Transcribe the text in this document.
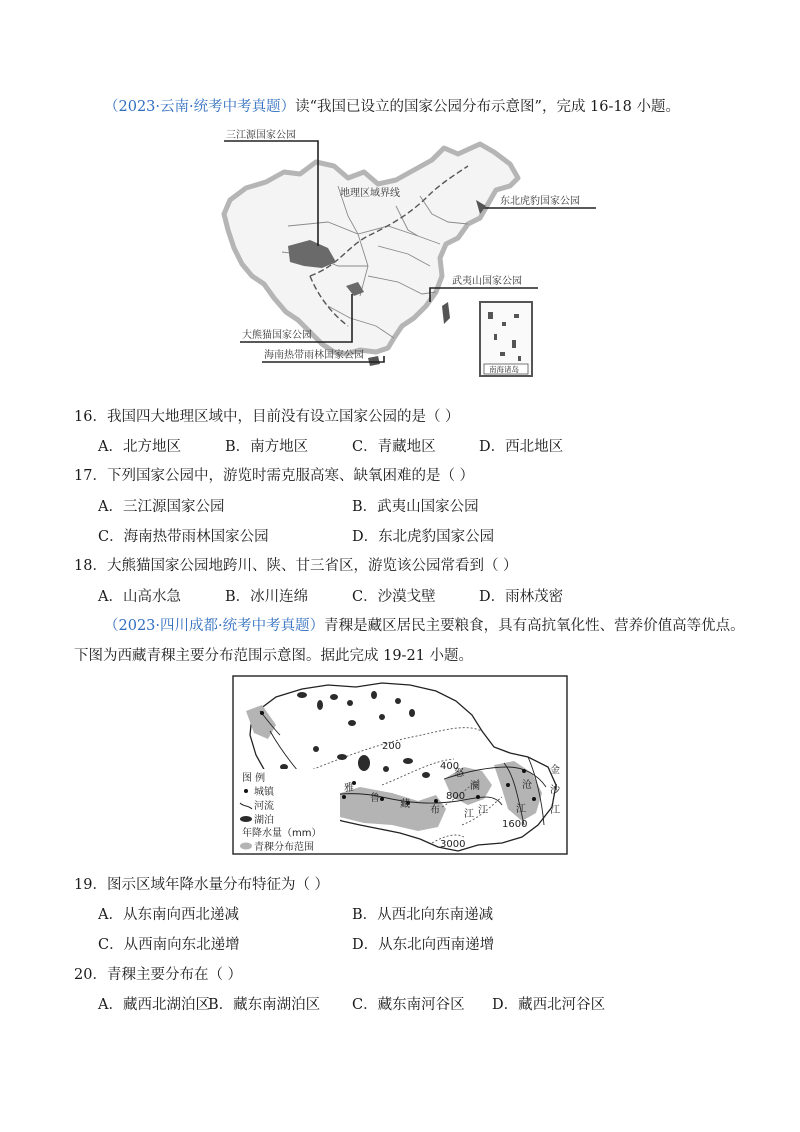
（2023·云南·统考中考真题）读“我国已设立的国家公园分布示意图”，完成 16-18 小题。
三江源国家公园
地理区域界线
东北虎豹国家公园
武夷山国家公园
大熊猫国家公园
海南热带雨林国家公园
南海诸岛
16．我国四大地理区域中，目前没有设立国家公园的是（ ）
A．北方地区	B．南方地区	C．青藏地区	D．西北地区
17．下列国家公园中，游览时需克服高寒、缺氧困难的是（ ）
A．三江源国家公园	B．武夷山国家公园
C．海南热带雨林国家公园	D．东北虎豹国家公园
18．大熊猫国家公园地跨川、陕、甘三省区，游览该公园常看到（ ）
A．山高水急	B．冰川连绵	C．沙漠戈壁	D．雨林茂密
（2023·四川成都·统考中考真题）青稞是藏区居民主要粮食，具有高抗氧化性、营养价值高等优点。
下图为西藏青稞主要分布范围示意图。据此完成 19-21 小题。
200
400
800
1600
3000
怒
江
澜	沧
江
金
沙
江
雅
鲁
藏
布 江
图 例
城镇
河流
湖泊
年降水量（mm）
青稞分布范围
19．图示区域年降水量分布特征为（ ）
A．从东南向西北递减	B．从西北向东南递减
C．从西南向东北递增	D．从东北向西南递增
20．青稞主要分布在（ ）
A．藏西北湖泊区
B．藏东南湖泊区 C．藏东南河谷区 D．藏西北河谷区
